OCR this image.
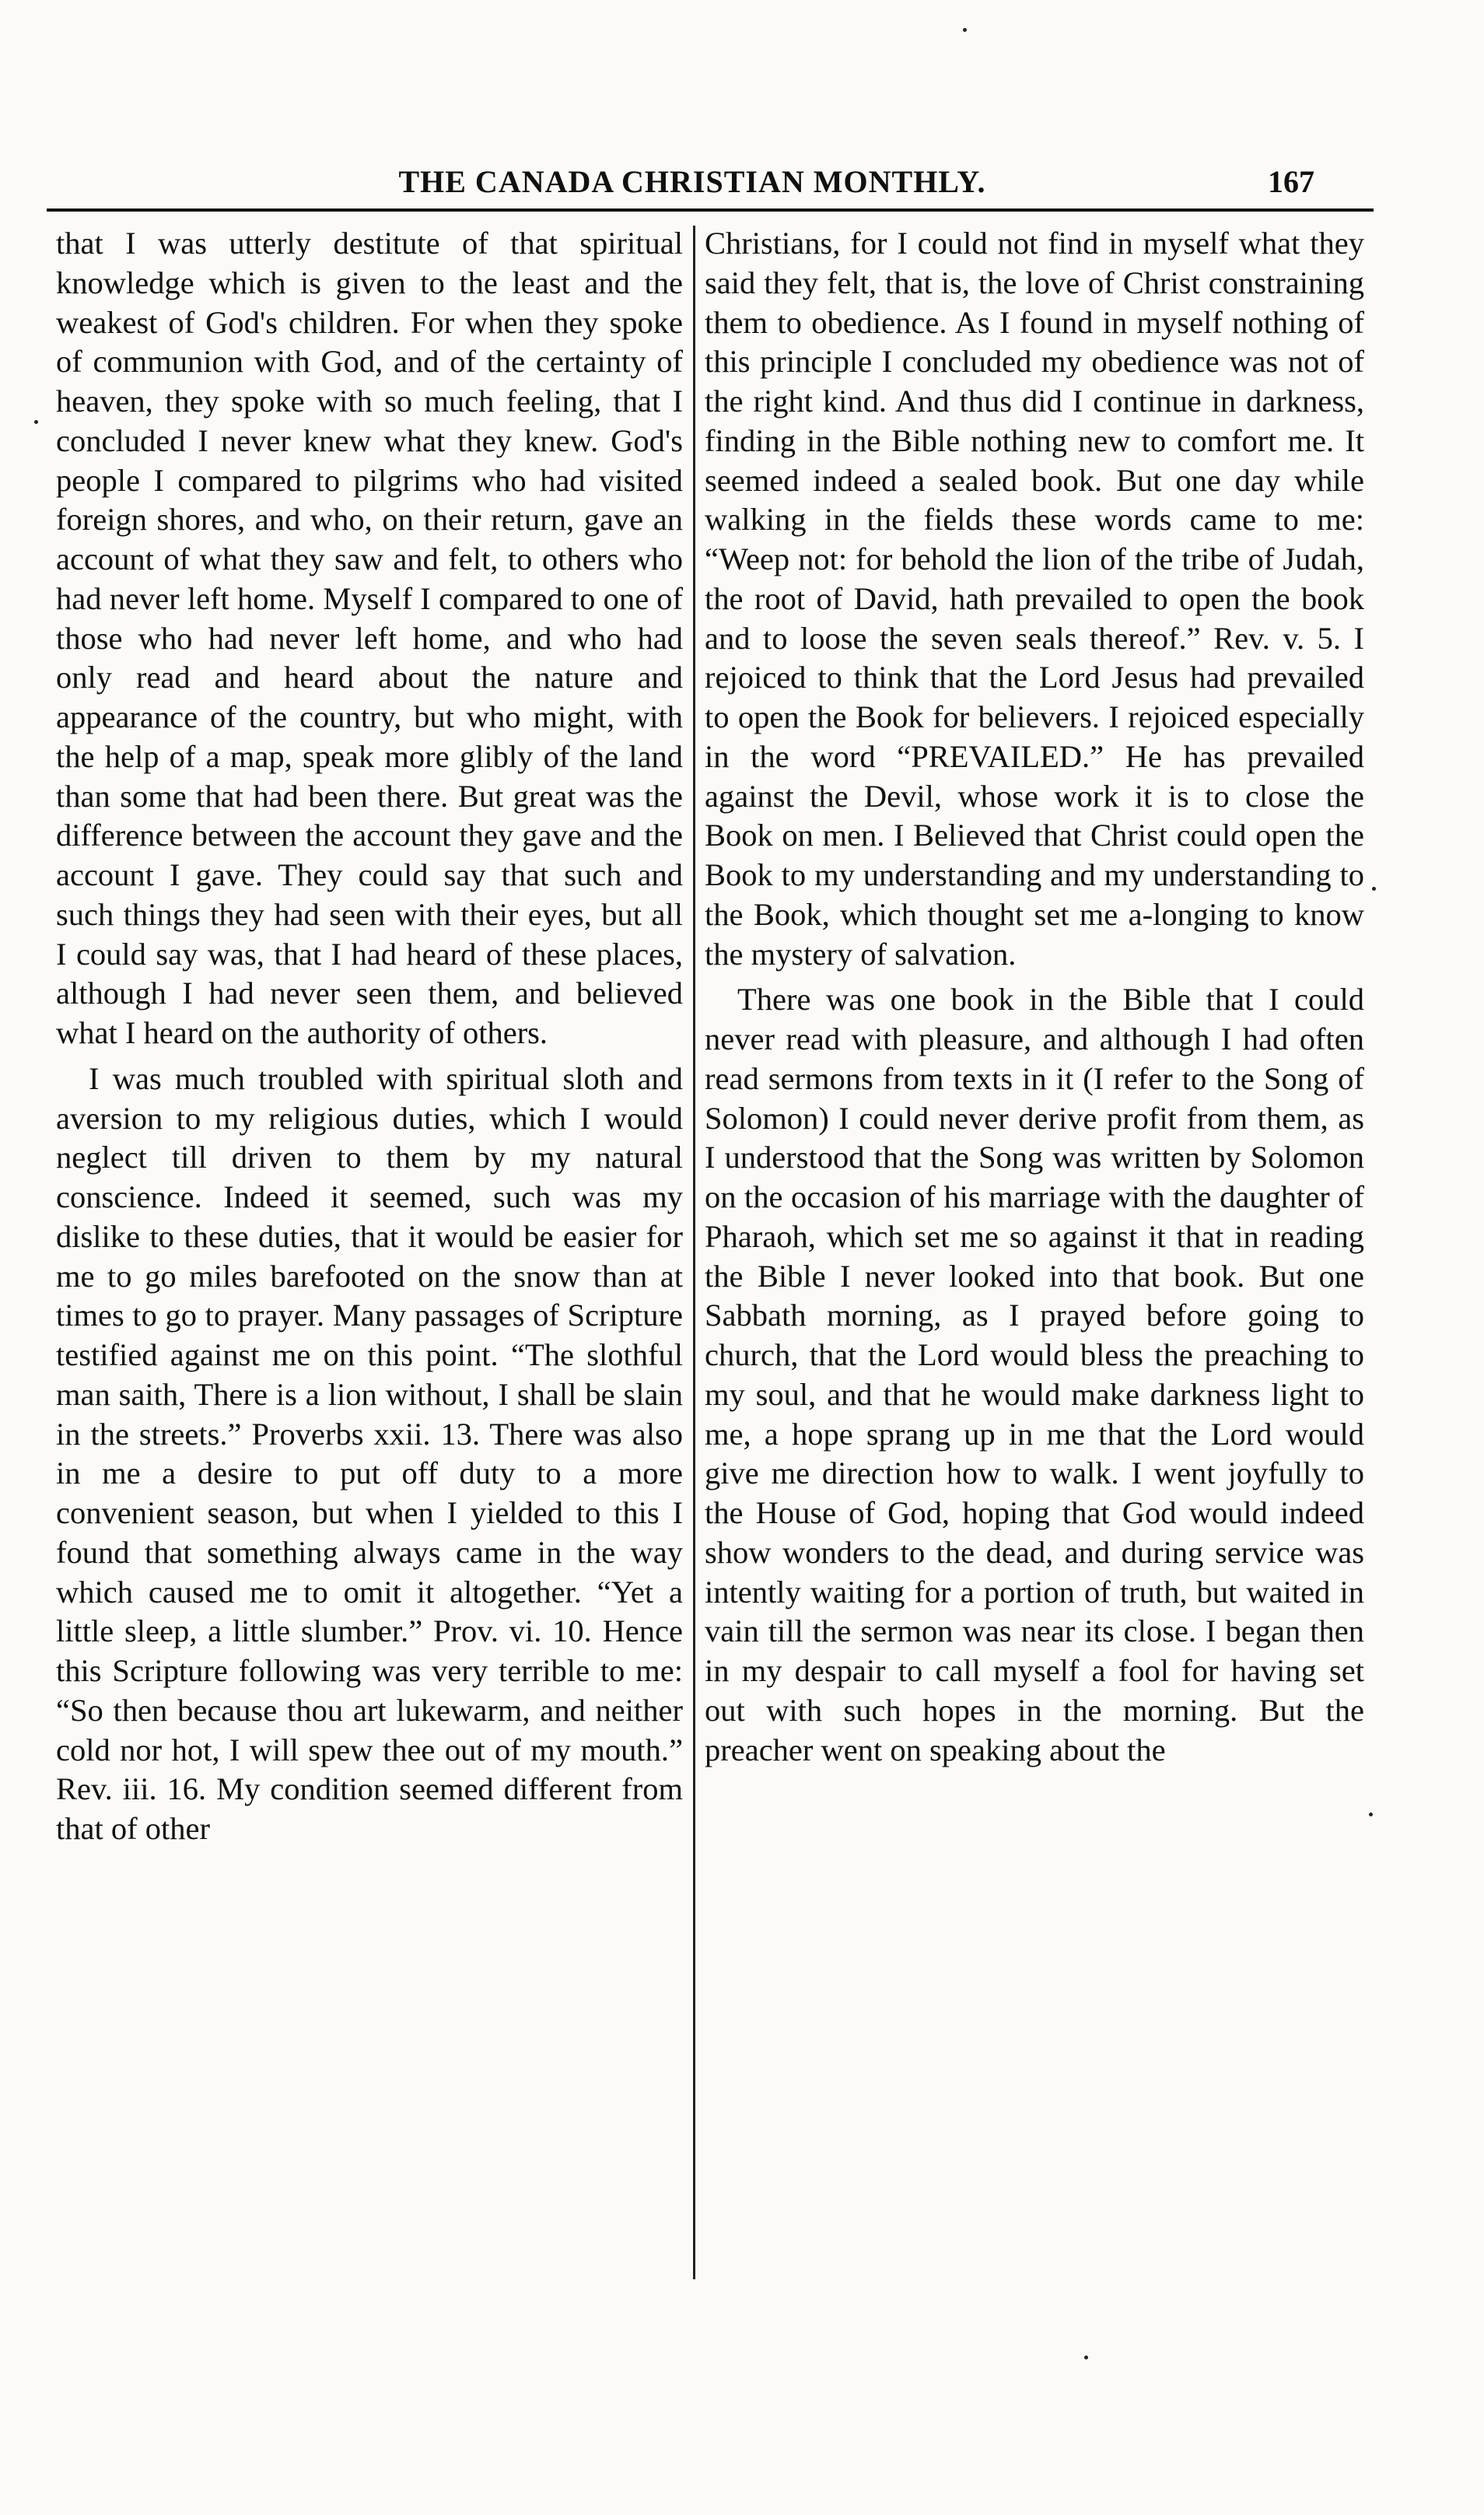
THE CANADA CHRISTIAN MONTHLY.	167

that I was utterly destitute of that spiritual knowledge which is given to the least and the weakest of God's children. For when they spoke of communion with God, and of the certainty of heaven, they spoke with so much feeling, that I concluded I never knew what they knew. God's people I compared to pilgrims who had visited foreign shores, and who, on their return, gave an account of what they saw and felt, to others who had never left home. Myself I compared to one of those who had never left home, and who had only read and heard about the nature and appearance of the country, but who might, with the help of a map, speak more glibly of the land than some that had been there. But great was the difference between the account they gave and the account I gave. They could say that such and such things they had seen with their eyes, but all I could say was, that I had heard of these places, although I had never seen them, and believed what I heard on the authority of others.

I was much troubled with spiritual sloth and aversion to my religious duties, which I would neglect till driven to them by my natural conscience. Indeed it seemed, such was my dislike to these duties, that it would be easier for me to go miles barefooted on the snow than at times to go to prayer. Many passages of Scripture testified against me on this point. “The slothful man saith, There is a lion without, I shall be slain in the streets.” Proverbs xxii. 13. There was also in me a desire to put off duty to a more convenient season, but when I yielded to this I found that something always came in the way which caused me to omit it altogether. “Yet a little sleep, a little slumber.” Prov. vi. 10. Hence this Scripture following was very terrible to me: “So then because thou art lukewarm, and neither cold nor hot, I will spew thee out of my mouth.” Rev. iii. 16. My condition seemed different from that of other

Christians, for I could not find in myself what they said they felt, that is, the love of Christ constraining them to obedience. As I found in myself nothing of this principle I concluded my obedience was not of the right kind. And thus did I continue in darkness, finding in the Bible nothing new to comfort me. It seemed indeed a sealed book. But one day while walking in the fields these words came to me: “Weep not: for behold the lion of the tribe of Judah, the root of David, hath prevailed to open the book and to loose the seven seals thereof.” Rev. v. 5. I rejoiced to think that the Lord Jesus had prevailed to open the Book for believers. I rejoiced especially in the word “PREVAILED.” He has prevailed against the Devil, whose work it is to close the Book on men. I Believed that Christ could open the Book to my understanding and my understanding to the Book, which thought set me a-longing to know the mystery of salvation.

There was one book in the Bible that I could never read with pleasure, and although I had often read sermons from texts in it (I refer to the Song of Solomon) I could never derive profit from them, as I understood that the Song was written by Solomon on the occasion of his marriage with the daughter of Pharaoh, which set me so against it that in reading the Bible I never looked into that book. But one Sabbath morning, as I prayed before going to church, that the Lord would bless the preaching to my soul, and that he would make darkness light to me, a hope sprang up in me that the Lord would give me direction how to walk. I went joyfully to the House of God, hoping that God would indeed show wonders to the dead, and during service was intently waiting for a portion of truth, but waited in vain till the sermon was near its close. I began then in my despair to call myself a fool for having set out with such hopes in the morning. But the preacher went on speaking about the
